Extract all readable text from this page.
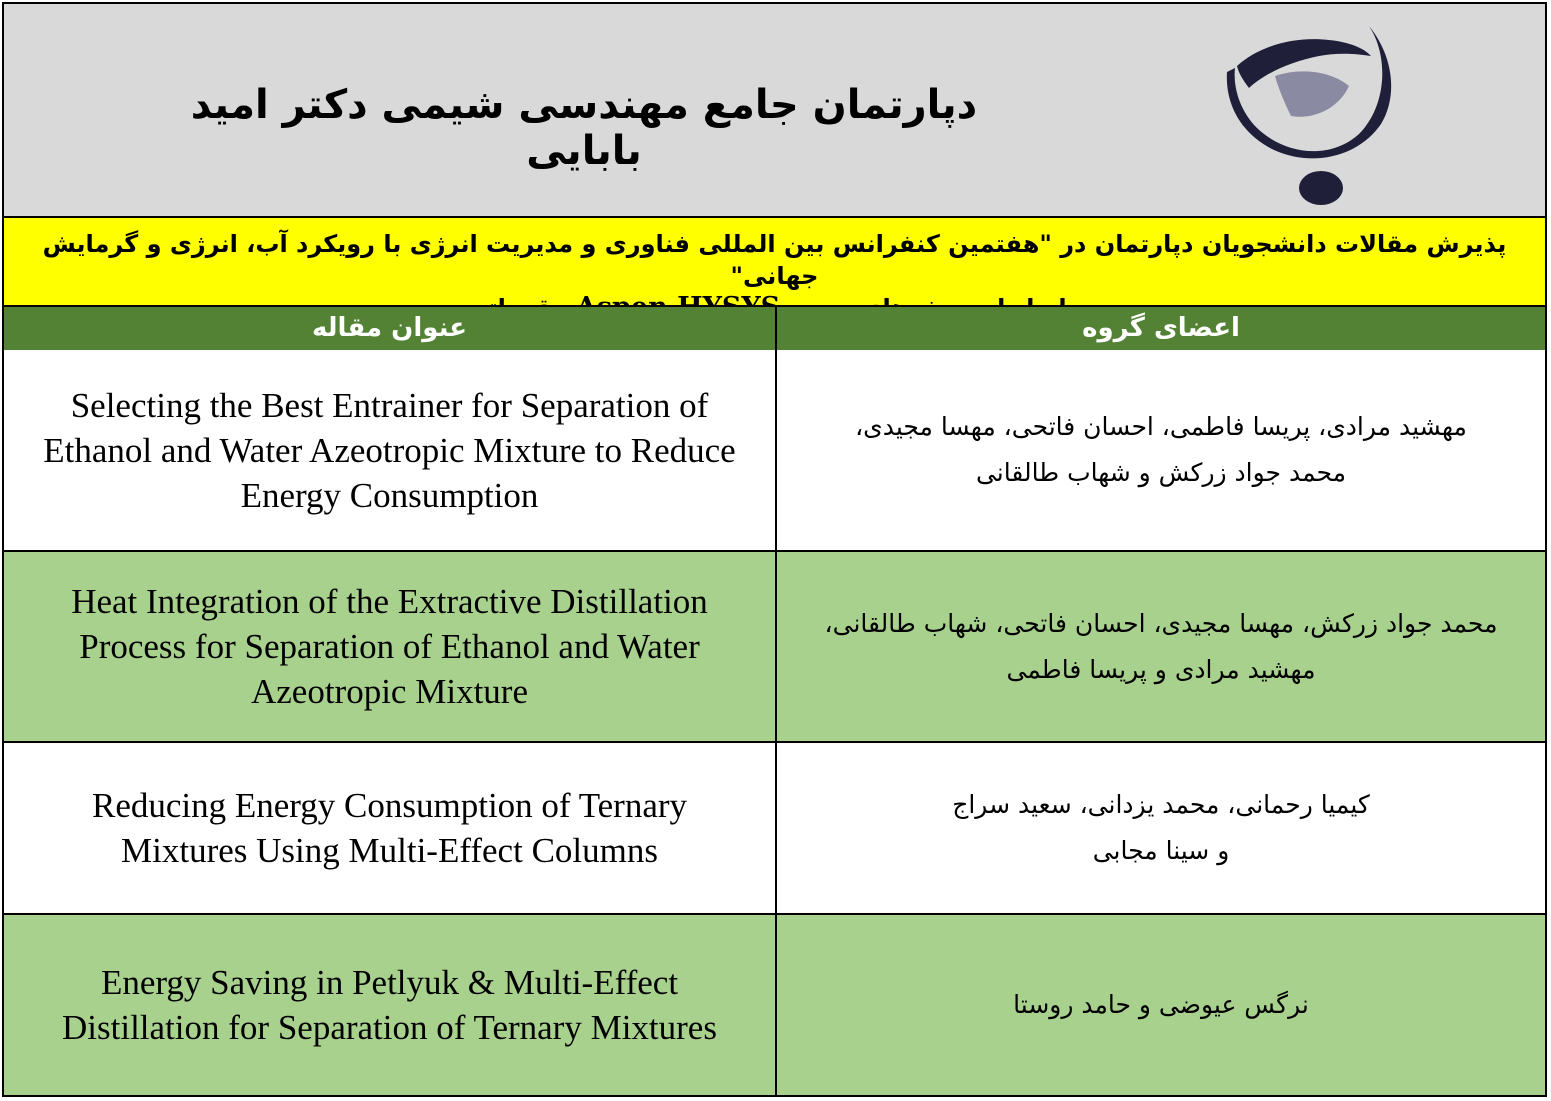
دپارتمان جامع مهندسی شیمی دکتر امید بابایی
پذیرش مقالات دانشجویان دپارتمان در "هفتمین کنفرانس بین المللی فناوری و مدیریت انرژی با رویکرد آب، انرژی و گرمایش جهانی"

عنوان مقاله	اعضای گروه
Selecting the Best Entrainer for Separation of
Ethanol and Water Azeotropic Mixture to Reduce
Energy Consumption
مهشید مرادی، پریسا فاطمی، احسان فاتحی، مهسا مجیدی،
محمد جواد زرکش و شهاب طالقانی
Heat Integration of the Extractive Distillation
Process for Separation of Ethanol and Water
Azeotropic Mixture
محمد جواد زرکش، مهسا مجیدی، احسان فاتحی، شهاب طالقانی،
مهشید مرادی و پریسا فاطمی
Reducing Energy Consumption of Ternary
Mixtures Using Multi-Effect Columns
کیمیا رحمانی، محمد یزدانی، سعید سراج
و سینا مجابی
Energy Saving in Petlyuk & Multi-Effect
Distillation for Separation of Ternary Mixtures
نرگس عیوضی و حامد روستا
